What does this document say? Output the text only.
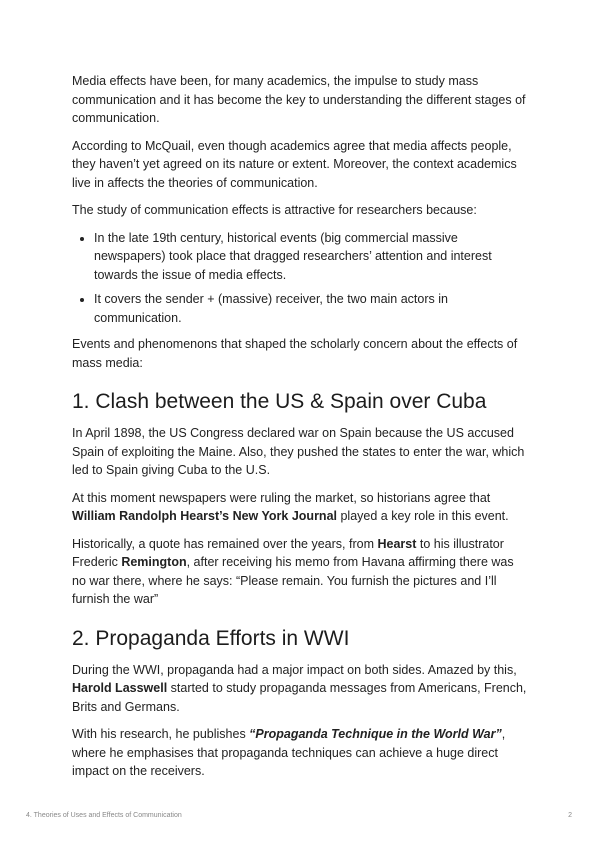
Media effects have been, for many academics, the impulse to study mass communication and it has become the key to understanding the different stages of communication.

According to McQuail, even though academics agree that media affects people, they haven’t yet agreed on its nature or extent. Moreover, the context academics live in affects the theories of communication.

The study of communication effects is attractive for researchers because:

• In the late 19th century, historical events (big commercial massive newspapers) took place that dragged researchers’ attention and interest towards the issue of media effects.
• It covers the sender + (massive) receiver, the two main actors in communication.

Events and phenomenons that shaped the scholarly concern about the effects of mass media:

1. Clash between the US & Spain over Cuba

In April 1898, the US Congress declared war on Spain because the US accused Spain of exploiting the Maine. Also, they pushed the states to enter the war, which led to Spain giving Cuba to the U.S.

At this moment newspapers were ruling the market, so historians agree that William Randolph Hearst’s New York Journal played a key role in this event.

Historically, a quote has remained over the years, from Hearst to his illustrator Frederic Remington, after receiving his memo from Havana affirming there was no war there, where he says: “Please remain. You furnish the pictures and I’ll furnish the war”

2. Propaganda Efforts in WWI

During the WWI, propaganda had a major impact on both sides. Amazed by this, Harold Lasswell started to study propaganda messages from Americans, French, Brits and Germans.

With his research, he publishes “Propaganda Technique in the World War”, where he emphasises that propaganda techniques can achieve a huge direct impact on the receivers.

4. Theories of Uses and Effects of Communication	2
